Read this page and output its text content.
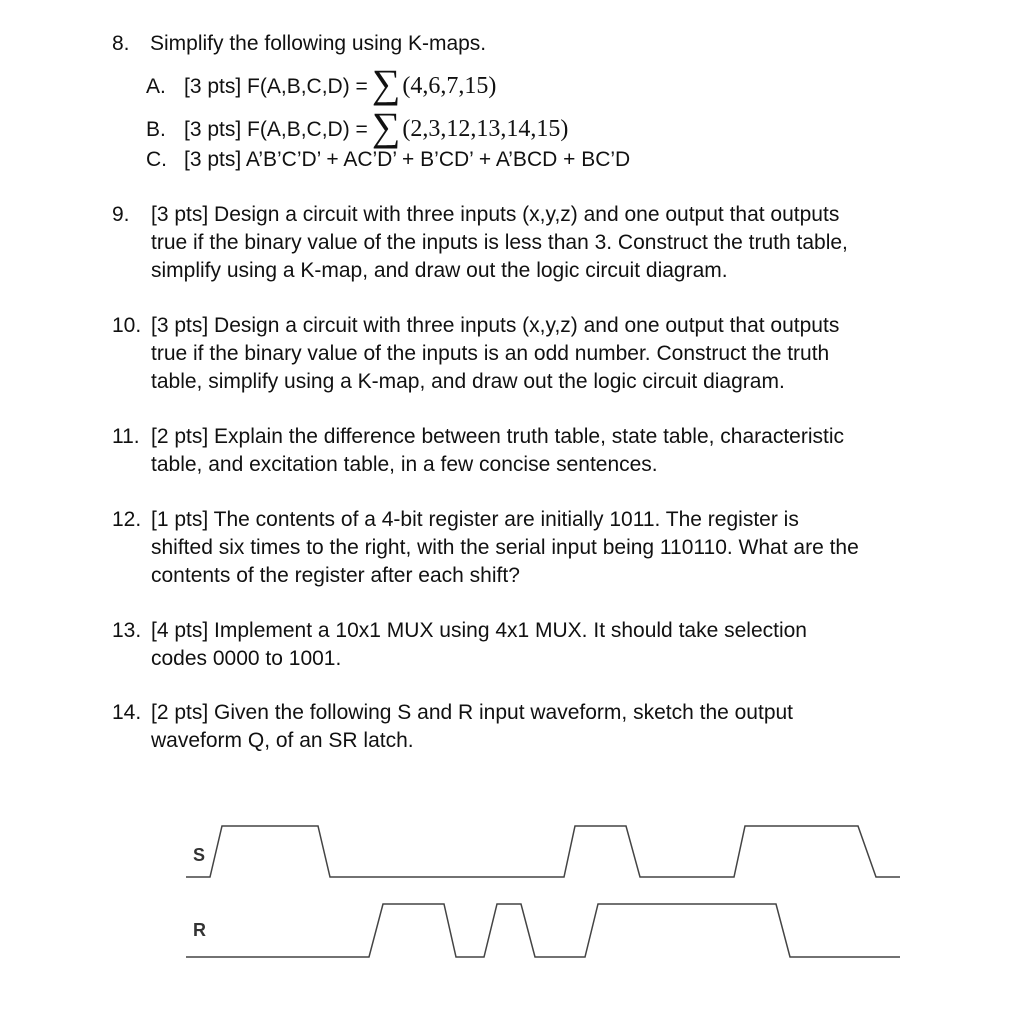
8. Simplify the following using K-maps.
A. [3 pts] F(A,B,C,D) = ∑(4,6,7,15)
B. [3 pts] F(A,B,C,D) = ∑(2,3,12,13,14,15)
C. [3 pts] A’B’C’D’ + AC’D’ + B’CD’ + A’BCD + BC’D
9. [3 pts] Design a circuit with three inputs (x,y,z) and one output that outputs
true if the binary value of the inputs is less than 3. Construct the truth table,
simplify using a K-map, and draw out the logic circuit diagram.
10. [3 pts] Design a circuit with three inputs (x,y,z) and one output that outputs
true if the binary value of the inputs is an odd number. Construct the truth
table, simplify using a K-map, and draw out the logic circuit diagram.
11. [2 pts] Explain the difference between truth table, state table, characteristic
table, and excitation table, in a few concise sentences.
12. [1 pts] The contents of a 4-bit register are initially 1011. The register is
shifted six times to the right, with the serial input being 110110. What are the
contents of the register after each shift?
13. [4 pts] Implement a 10x1 MUX using 4x1 MUX. It should take selection
codes 0000 to 1001.
14. [2 pts] Given the following S and R input waveform, sketch the output
waveform Q, of an SR latch.
S
R
